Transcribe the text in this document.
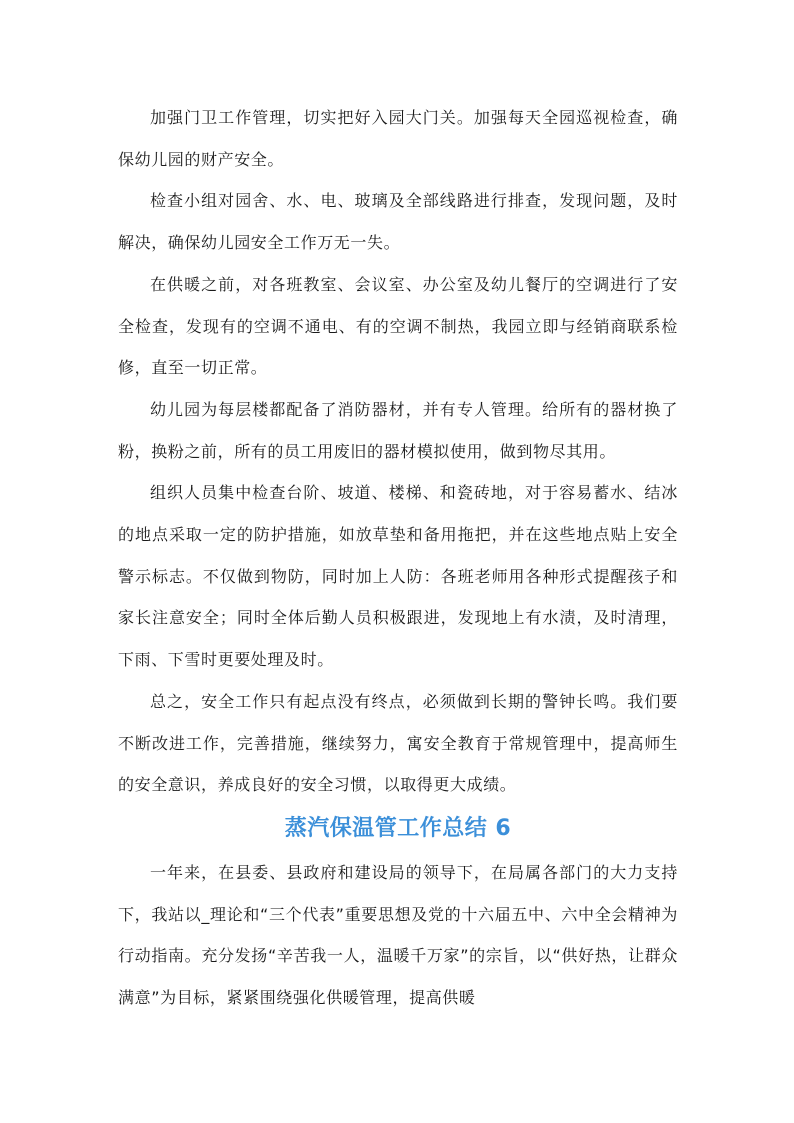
加强门卫工作管理，切实把好入园大门关。加强每天全园巡视检查，确保幼儿园的财产安全。

检查小组对园舍、水、电、玻璃及全部线路进行排查，发现问题，及时解决，确保幼儿园安全工作万无一失。

在供暖之前，对各班教室、会议室、办公室及幼儿餐厅的空调进行了安全检查，发现有的空调不通电、有的空调不制热，我园立即与经销商联系检修，直至一切正常。

幼儿园为每层楼都配备了消防器材，并有专人管理。给所有的器材换了粉，换粉之前，所有的员工用废旧的器材模拟使用，做到物尽其用。

组织人员集中检查台阶、坡道、楼梯、和瓷砖地，对于容易蓄水、结冰的地点采取一定的防护措施，如放草垫和备用拖把，并在这些地点贴上安全警示标志。不仅做到物防，同时加上人防：各班老师用各种形式提醒孩子和家长注意安全；同时全体后勤人员积极跟进，发现地上有水渍，及时清理，下雨、下雪时更要处理及时。

总之，安全工作只有起点没有终点，必须做到长期的警钟长鸣。我们要不断改进工作，完善措施，继续努力，寓安全教育于常规管理中，提高师生的安全意识，养成良好的安全习惯，以取得更大成绩。

蒸汽保温管工作总结 6

一年来，在县委、县政府和建设局的领导下，在局属各部门的大力支持下，我站以_理论和“三个代表”重要思想及党的十六届五中、六中全会精神为行动指南。充分发扬“辛苦我一人，温暖千万家”的宗旨，以“供好热，让群众满意”为目标，紧紧围绕强化供暖管理，提高供暖
